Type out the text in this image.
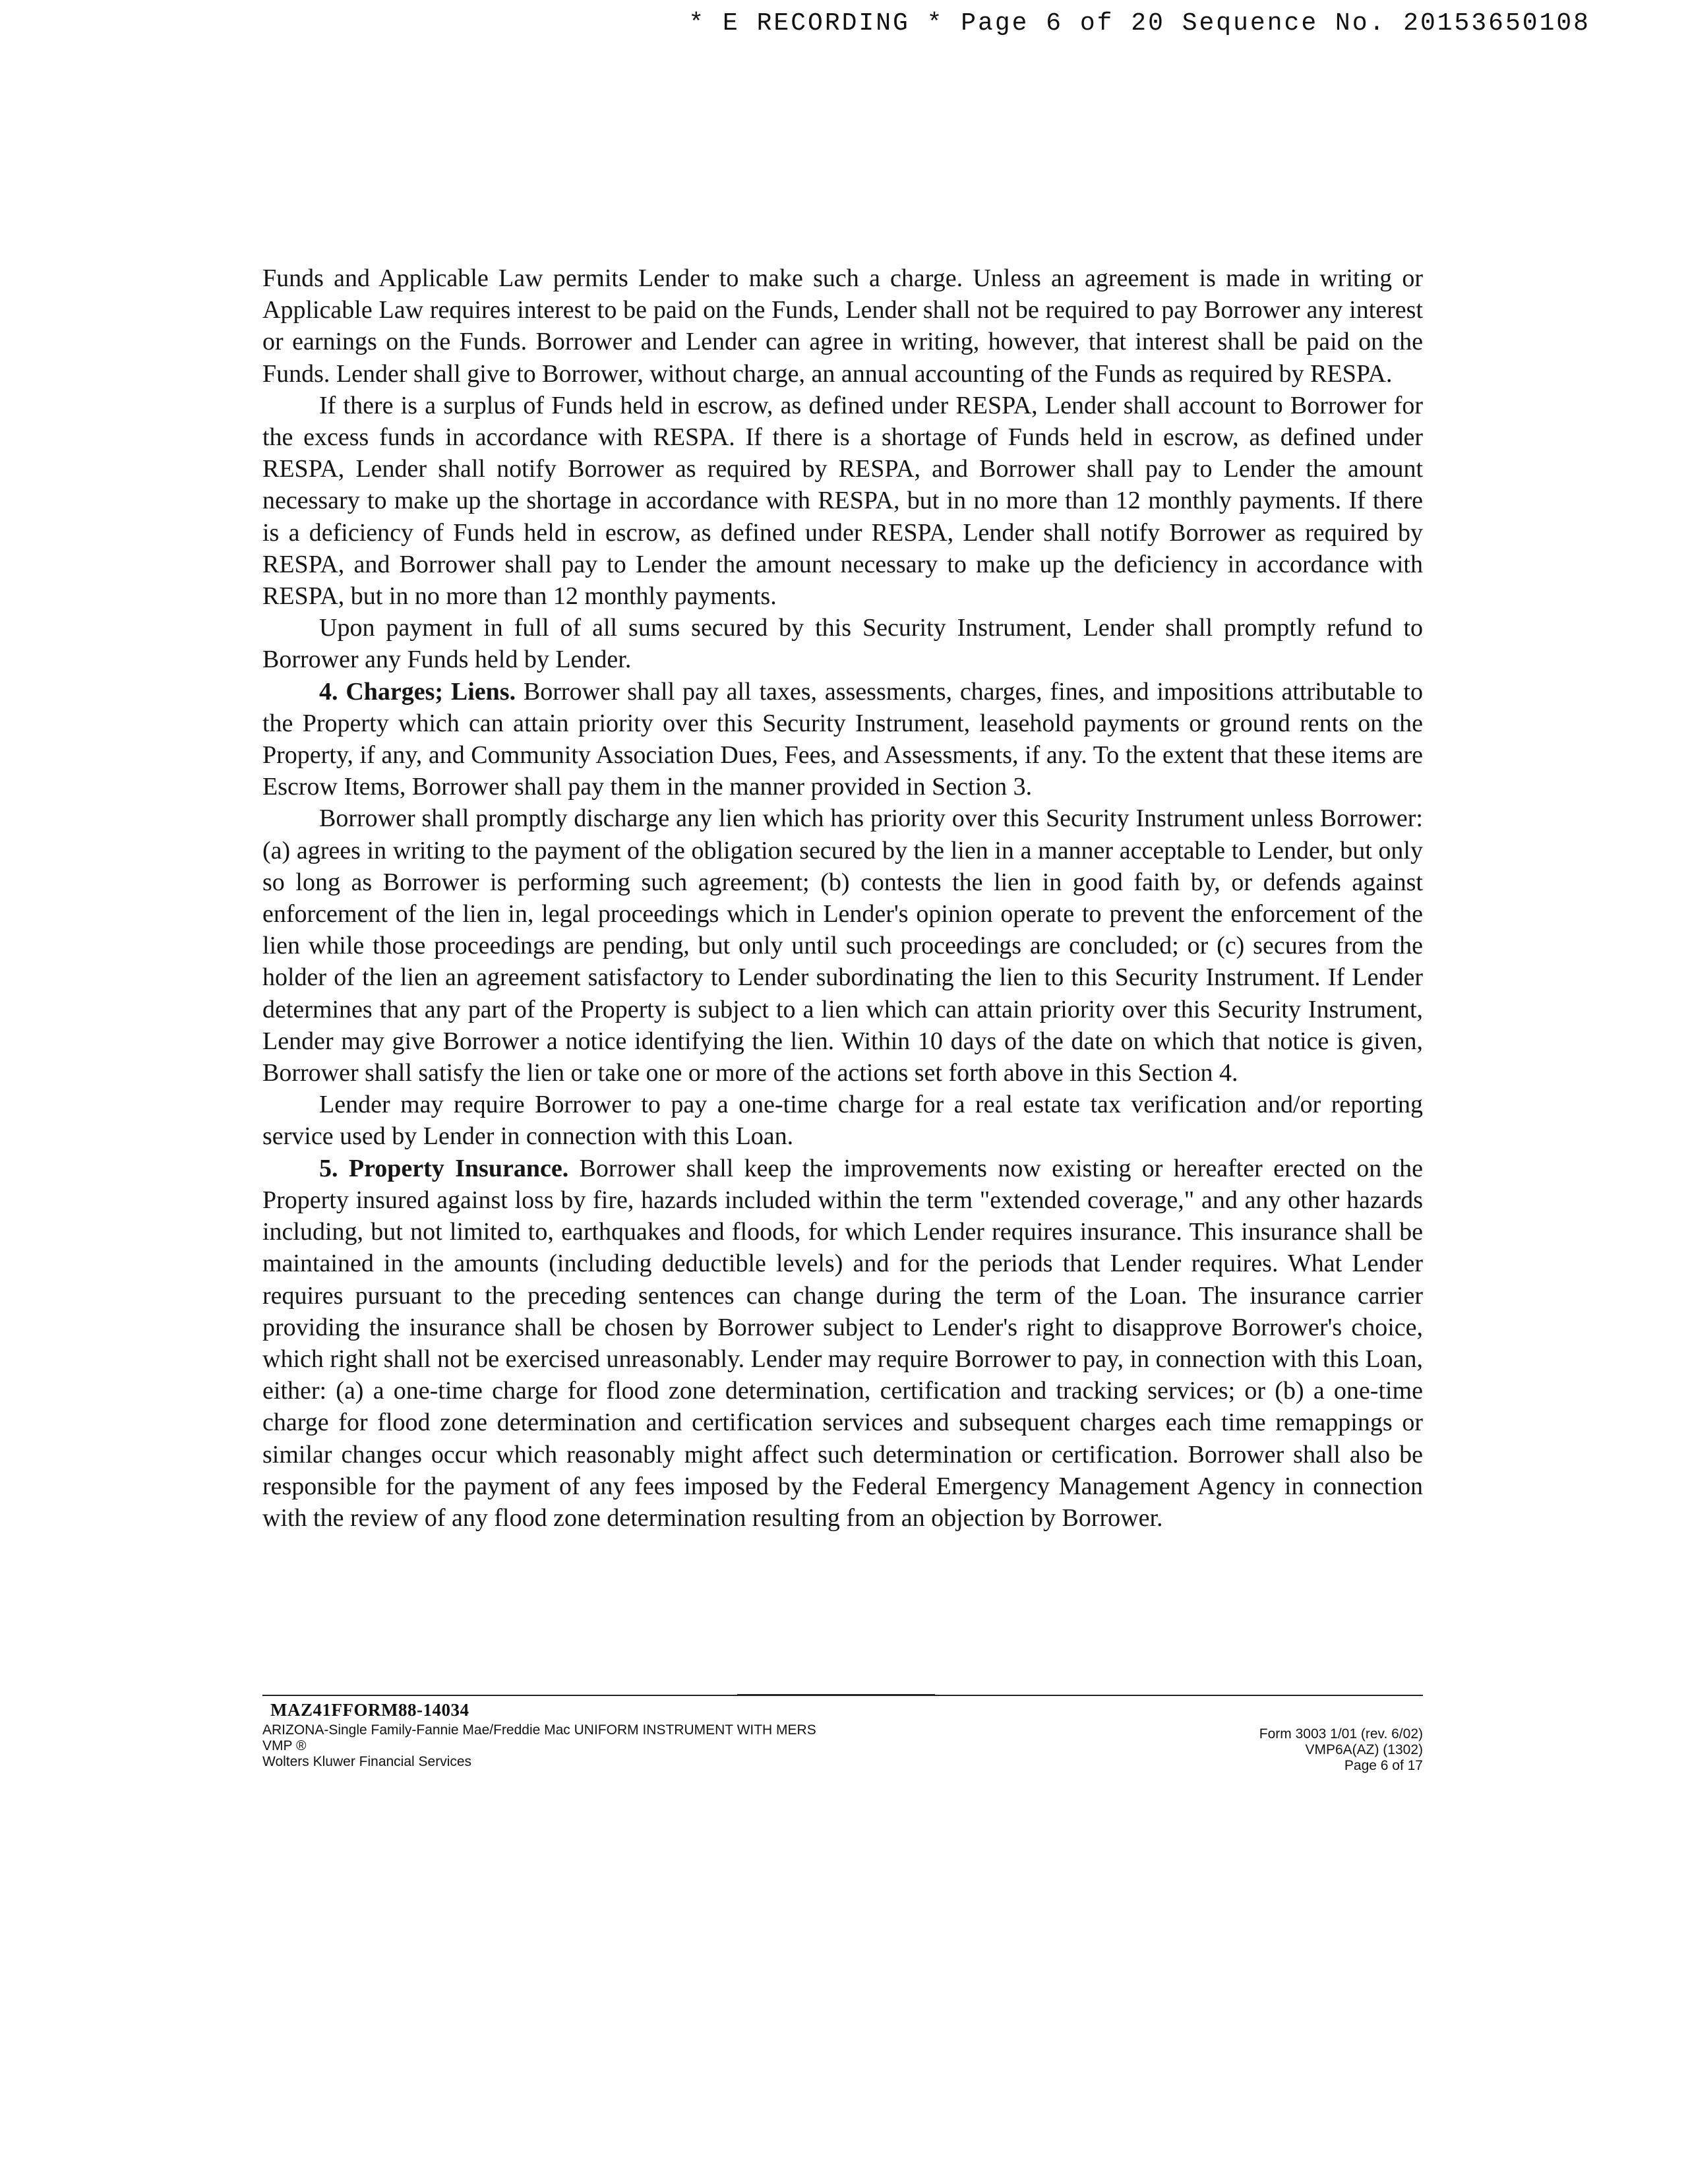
* E RECORDING * Page 6 of 20 Sequence No. 20153650108

Funds and Applicable Law permits Lender to make such a charge. Unless an agreement is made in writing or Applicable Law requires interest to be paid on the Funds, Lender shall not be required to pay Borrower any interest or earnings on the Funds. Borrower and Lender can agree in writing, however, that interest shall be paid on the Funds. Lender shall give to Borrower, without charge, an annual accounting of the Funds as required by RESPA.

If there is a surplus of Funds held in escrow, as defined under RESPA, Lender shall account to Borrower for the excess funds in accordance with RESPA. If there is a shortage of Funds held in escrow, as defined under RESPA, Lender shall notify Borrower as required by RESPA, and Borrower shall pay to Lender the amount necessary to make up the shortage in accordance with RESPA, but in no more than 12 monthly payments. If there is a deficiency of Funds held in escrow, as defined under RESPA, Lender shall notify Borrower as required by RESPA, and Borrower shall pay to Lender the amount necessary to make up the deficiency in accordance with RESPA, but in no more than 12 monthly payments.

Upon payment in full of all sums secured by this Security Instrument, Lender shall promptly refund to Borrower any Funds held by Lender.

4. Charges; Liens. Borrower shall pay all taxes, assessments, charges, fines, and impositions attributable to the Property which can attain priority over this Security Instrument, leasehold payments or ground rents on the Property, if any, and Community Association Dues, Fees, and Assessments, if any. To the extent that these items are Escrow Items, Borrower shall pay them in the manner provided in Section 3.

Borrower shall promptly discharge any lien which has priority over this Security Instrument unless Borrower: (a) agrees in writing to the payment of the obligation secured by the lien in a manner acceptable to Lender, but only so long as Borrower is performing such agreement; (b) contests the lien in good faith by, or defends against enforcement of the lien in, legal proceedings which in Lender's opinion operate to prevent the enforcement of the lien while those proceedings are pending, but only until such proceedings are concluded; or (c) secures from the holder of the lien an agreement satisfactory to Lender subordinating the lien to this Security Instrument. If Lender determines that any part of the Property is subject to a lien which can attain priority over this Security Instrument, Lender may give Borrower a notice identifying the lien. Within 10 days of the date on which that notice is given, Borrower shall satisfy the lien or take one or more of the actions set forth above in this Section 4.

Lender may require Borrower to pay a one-time charge for a real estate tax verification and/or reporting service used by Lender in connection with this Loan.

5. Property Insurance. Borrower shall keep the improvements now existing or hereafter erected on the Property insured against loss by fire, hazards included within the term "extended coverage," and any other hazards including, but not limited to, earthquakes and floods, for which Lender requires insurance. This insurance shall be maintained in the amounts (including deductible levels) and for the periods that Lender requires. What Lender requires pursuant to the preceding sentences can change during the term of the Loan. The insurance carrier providing the insurance shall be chosen by Borrower subject to Lender's right to disapprove Borrower's choice, which right shall not be exercised unreasonably. Lender may require Borrower to pay, in connection with this Loan, either: (a) a one-time charge for flood zone determination, certification and tracking services; or (b) a one-time charge for flood zone determination and certification services and subsequent charges each time remappings or similar changes occur which reasonably might affect such determination or certification. Borrower shall also be responsible for the payment of any fees imposed by the Federal Emergency Management Agency in connection with the review of any flood zone determination resulting from an objection by Borrower.

MAZ41FFORM88-14034
ARIZONA-Single Family-Fannie Mae/Freddie Mac UNIFORM INSTRUMENT WITH MERS
VMP ®
Wolters Kluwer Financial Services
Form 3003 1/01 (rev. 6/02)
VMP6A(AZ) (1302)
Page 6 of 17
